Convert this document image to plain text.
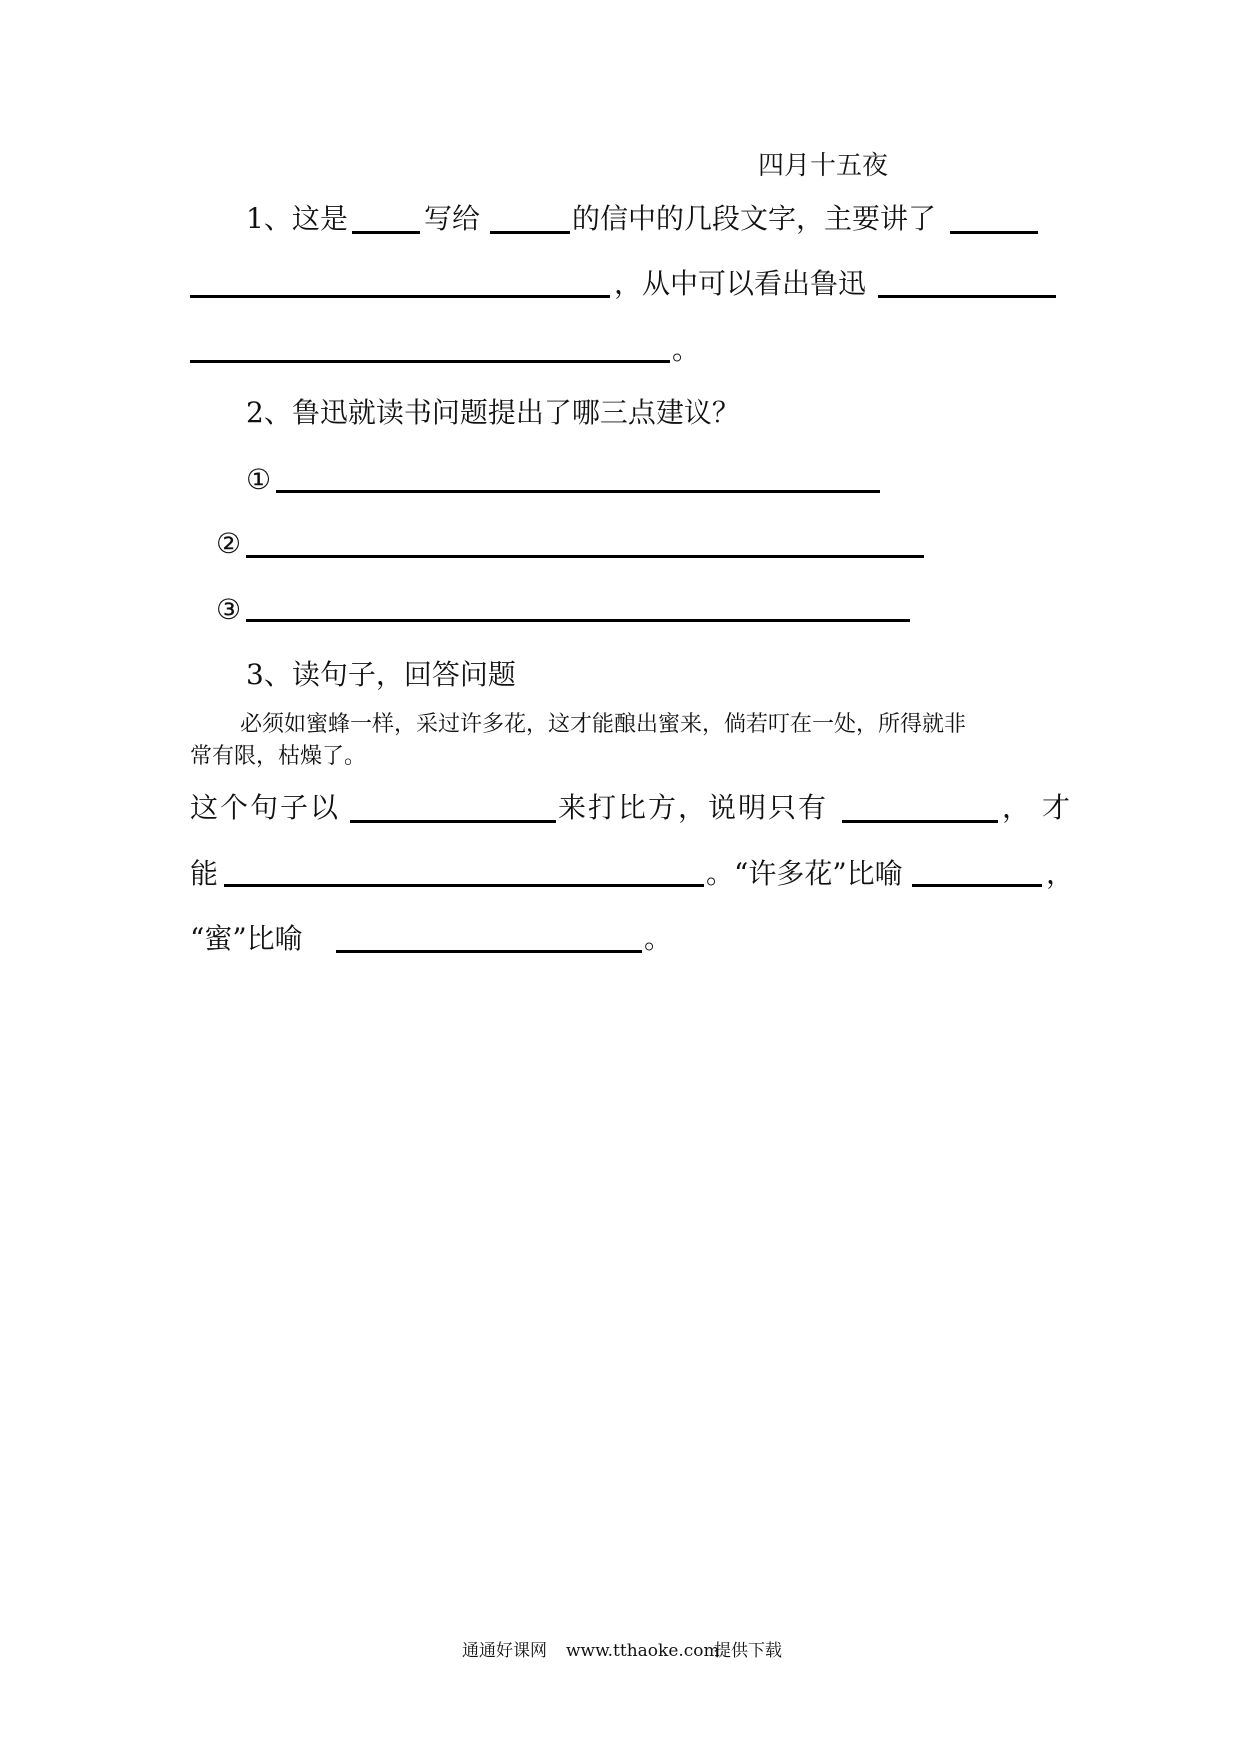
四月十五夜
1、这是	写给	的信中的几段文字，主要讲了
，从中可以看出鲁迅
。
2、鲁迅就读书问题提出了哪三点建议？
①
②
③
3、读句子，回答问题
必须如蜜蜂一样，采过许多花，这才能酿出蜜来，倘若叮在一处，所得就非
常有限，枯燥了。
这个句子以	来打比方，说明只有	，才
能	。“许多花”比喻	，
“蜜”比喻	。
通通好课网 www.tthaoke.com
提供下载
